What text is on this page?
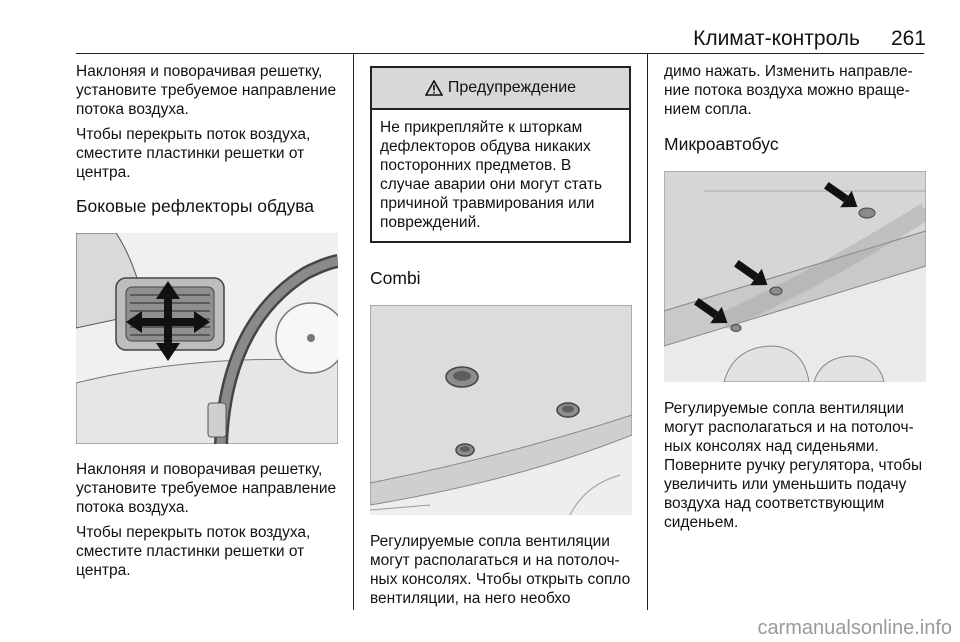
Климат-контроль	261

Наклоняя и поворачивая решетку, установите требуемое направление потока воздуха.

Чтобы перекрыть поток воздуха, сместите пластинки решетки от центра.

Боковые рефлекторы обдува

Наклоняя и поворачивая решетку, установите требуемое направление потока воздуха.

Чтобы перекрыть поток воздуха, сместите пластинки решетки от центра.

Предупреждение
Не прикрепляйте к шторкам дефлекторов обдува никаких посторонних предметов. В случае аварии они могут стать причиной травмирования или повреждений.
Combi

Регулируемые сопла вентиляции могут располагаться и на потолочных консолях. Чтобы открыть сопло вентиляции, на него необхо

димо нажать. Изменить направление потока воздуха можно вращением сопла.

Микроавтобус

Регулируемые сопла вентиляции могут располагаться и на потолочных консолях над сиденьями. Поверните ручку регулятора, чтобы увеличить или уменьшить подачу воздуха над соответствующим сиденьем.

carmanualsonline.info
